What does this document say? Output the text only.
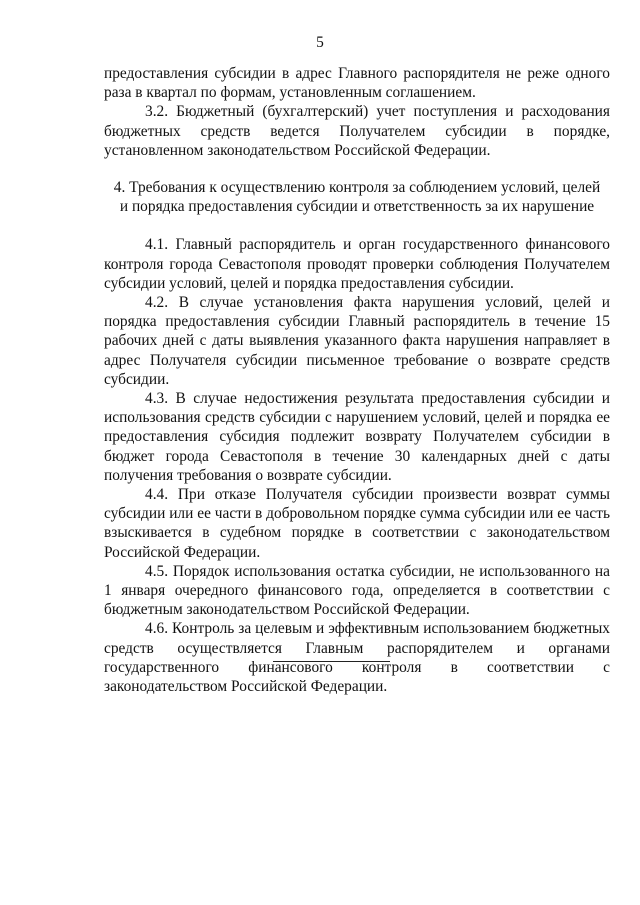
5

предоставления субсидии в адрес Главного распорядителя не реже одного раза в квартал по формам, установленным соглашением.

3.2. Бюджетный (бухгалтерский) учет поступления и расходования бюджетных средств ведется Получателем субсидии в порядке, установленном законодательством Российской Федерации.

4. Требования к осуществлению контроля за соблюдением условий, целей
и порядка предоставления субсидии и ответственность за их нарушение

4.1. Главный распорядитель и орган государственного финансового контроля города Севастополя проводят проверки соблюдения Получателем субсидии условий, целей и порядка предоставления субсидии.

4.2. В случае установления факта нарушения условий, целей и порядка предоставления субсидии Главный распорядитель в течение 15 рабочих дней с даты выявления указанного факта нарушения направляет в адрес Получателя субсидии письменное требование о возврате средств субсидии.

4.3. В случае недостижения результата предоставления субсидии и использования средств субсидии с нарушением условий, целей и порядка ее предоставления субсидия подлежит возврату Получателем субсидии в бюджет города Севастополя в течение 30 календарных дней с даты получения требования о возврате субсидии.

4.4. При отказе Получателя субсидии произвести возврат суммы субсидии или ее части в добровольном порядке сумма субсидии или ее часть взыскивается в судебном порядке в соответствии с законодательством Российской Федерации.

4.5. Порядок использования остатка субсидии, не использованного на 1 января очередного финансового года, определяется в соответствии с бюджетным законодательством Российской Федерации.

4.6. Контроль за целевым и эффективным использованием бюджетных средств осуществляется Главным распорядителем и органами государственного финансового контроля в соответствии с законодательством Российской Федерации.
